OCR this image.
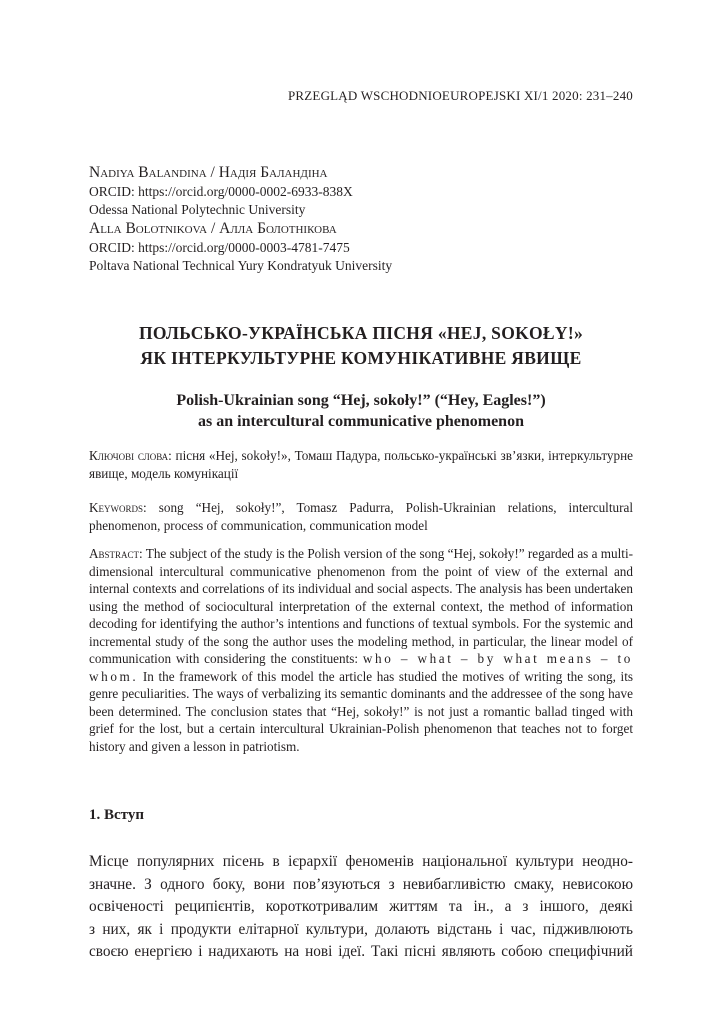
PRZEGLĄD WSCHODNIOEUROPEJSKI XI/1 2020: 231–240
Nadiya Balandina / Надія Баландіна
ORCID: https://orcid.org/0000-0002-6933-838X
Odessa National Polytechnic University
Alla Bolotnikova / Алла Болотнікова
ORCID: https://orcid.org/0000-0003-4781-7475
Poltava National Technical Yury Kondratyuk University
ПОЛЬСЬКО-УКРАЇНСЬКА ПІСНЯ «HEJ, SOKOŁY!»
ЯК ІНТЕРКУЛЬТУРНЕ КОМУНІКАТИВНЕ ЯВИЩЕ
Polish-Ukrainian song “Hej, sokoły!” (“Hey, Eagles!”)
as an intercultural communicative phenomenon
Ключові слова: пісня «Hej, sokoły!», Томаш Падура, польсько-українські зв’язки, інтеркультурне явище, модель комунікації
Keywords: song “Hej, sokoły!”, Tomasz Padurra, Polish-Ukrainian relations, intercultural phenomenon, process of communication, communication model
Abstract: The subject of the study is the Polish version of the song “Hej, sokoły!” regarded as a multi-dimensional intercultural communicative phenomenon from the point of view of the external and internal contexts and correlations of its individual and social aspects. The analysis has been undertaken using the method of sociocultural interpretation of the external context, the method of information decoding for identifying the author’s intentions and functions of textual symbols. For the systemic and incremental study of the song the author uses the modeling method, in particular, the linear model of communication with considering the constituents: who – what – by what means – to whom. In the framework of this model the article has studied the motives of writing the song, its genre peculiarities. The ways of verbalizing its semantic dominants and the addressee of the song have been determined. The conclusion states that “Hej, sokoły!” is not just a romantic ballad tinged with grief for the lost, but a certain intercultural Ukrainian-Polish phenomenon that teaches not to forget history and given a lesson in patriotism.
1. Вступ
Місце популярних пісень в ієрархії феноменів національної культури неодно-
значне. З одного боку, вони пов’язуються з невибагливістю смаку, невисокою
освіченості реципієнтів, короткотривалим життям та ін., а з іншого, деякі
з них, як і продукти елітарної культури, долають відстань і час, підживлюють
своєю енергією і надихають на нові ідеї. Такі пісні являють собою специфічний
